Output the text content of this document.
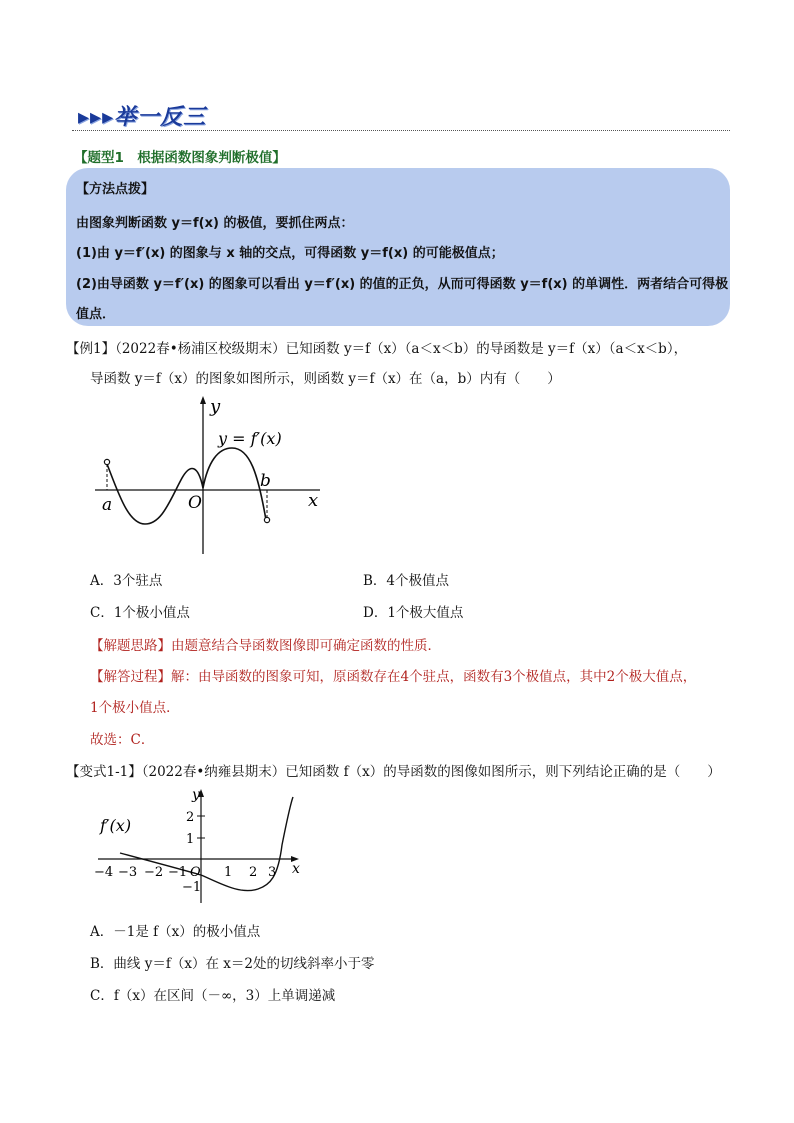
▸▸▸举一反三
【题型1　根据函数图象判断极值】
【方法点拨】
由图象判断函数 y＝f(x) 的极值，要抓住两点：
(1)由 y＝f′(x) 的图象与 x 轴的交点，可得函数 y＝f(x) 的可能极值点；
(2)由导函数 y＝f′(x) 的图象可以看出 y＝f′(x) 的值的正负，从而可得函数 y＝f(x) 的单调性．两者结合可得极
值点．
【例1】（2022春•杨浦区校级期末）已知函数 y＝f（x）（a＜x＜b）的导函数是 y＝f（x）（a＜x＜b），
导函数 y＝f（x）的图象如图所示，则函数 y＝f（x）在（a，b）内有（　　）
y
x
y = f′(x)
O
a
b
A．3个驻点	B．4个极值点
C．1个极小值点	D．1个极大值点
【解题思路】由题意结合导函数图像即可确定函数的性质．
【解答过程】解：由导函数的图象可知，原函数存在4个驻点，函数有3个极值点，其中2个极大值点，
1个极小值点．
故选：C．
【变式1-1】（2022春•纳雍县期末）已知函数 f（x）的导函数的图像如图所示，则下列结论正确的是（　　）
f′(x)
y
x
2
1
−1
−4 −3 −2 −1 O 1 2 3
A．－1是 f（x）的极小值点
B．曲线 y＝f（x）在 x＝2处的切线斜率小于零
C．f（x）在区间（－∞，3）上单调递减
